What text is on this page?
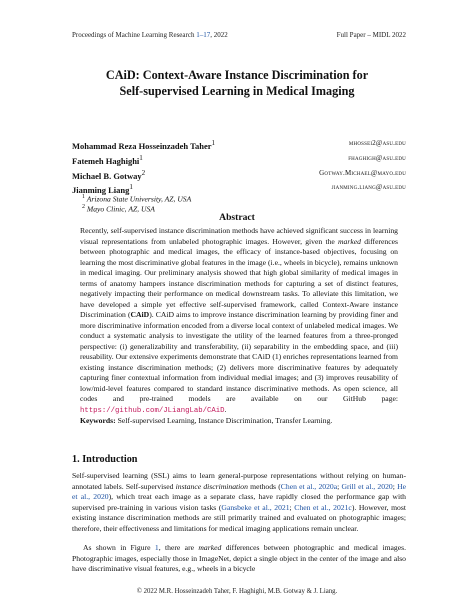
Proceedings of Machine Learning Research 1–17, 2022	Full Paper – MIDL 2022
CAiD: Context-Aware Instance Discrimination for
Self-supervised Learning in Medical Imaging
Mohammad Reza Hosseinzadeh Taher$^1$	mhossei2@asu.edu
Fatemeh Haghighi$^1$	fhaghigh@asu.edu
Michael B. Gotway$^2$	Gotway.Michael@mayo.edu
Jianming Liang$^1$	jianming.liang@asu.edu
$^1$ Arizona State University, AZ, USA
$^2$ Mayo Clinic, AZ, USA
Abstract
Recently, self-supervised instance discrimination methods have achieved significant success in learning visual representations from unlabeled photographic images. However, given the marked differences between photographic and medical images, the efficacy of instance-based objectives, focusing on learning the most discriminative global features in the image (i.e., wheels in bicycle), remains unknown in medical imaging. Our preliminary analysis showed that high global similarity of medical images in terms of anatomy hampers instance discrimination methods for capturing a set of distinct features, negatively impacting their performance on medical downstream tasks. To alleviate this limitation, we have developed a simple yet effective self-supervised framework, called Context-Aware instance Discrimination (CAiD). CAiD aims to improve instance discrimination learning by providing finer and more discriminative information encoded from a diverse local context of unlabeled medical images. We conduct a systematic analysis to investigate the utility of the learned features from a three-pronged perspective: (i) generalizability and transferability, (ii) separability in the embedding space, and (iii) reusability. Our extensive experiments demonstrate that CAiD (1) enriches representations learned from existing instance discrimination methods; (2) delivers more discriminative features by adequately capturing finer contextual information from individual medial images; and (3) improves reusability of low/mid-level features compared to standard instance discriminative methods. As open science, all codes and pre-trained models are available on our GitHub page: https://github.com/JLiangLab/CAiD.
Keywords: Self-supervised Learning, Instance Discrimination, Transfer Learning.
1. Introduction
Self-supervised learning (SSL) aims to learn general-purpose representations without relying on human-annotated labels. Self-supervised instance discrimination methods (Chen et al., 2020a; Grill et al., 2020; He et al., 2020), which treat each image as a separate class, have rapidly closed the performance gap with supervised pre-training in various vision tasks (Gansbeke et al., 2021; Chen et al., 2021c). However, most existing instance discrimination methods are still primarily trained and evaluated on photographic images; therefore, their effectiveness and limitations for medical imaging applications remain unclear.
As shown in Figure 1, there are marked differences between photographic and medical images. Photographic images, especially those in ImageNet, depict a single object in the center of the image and also have discriminative visual features, e.g., wheels in a bicycle
© 2022 M.R. Hosseinzadeh Taher, F. Haghighi, M.B. Gotway & J. Liang.
